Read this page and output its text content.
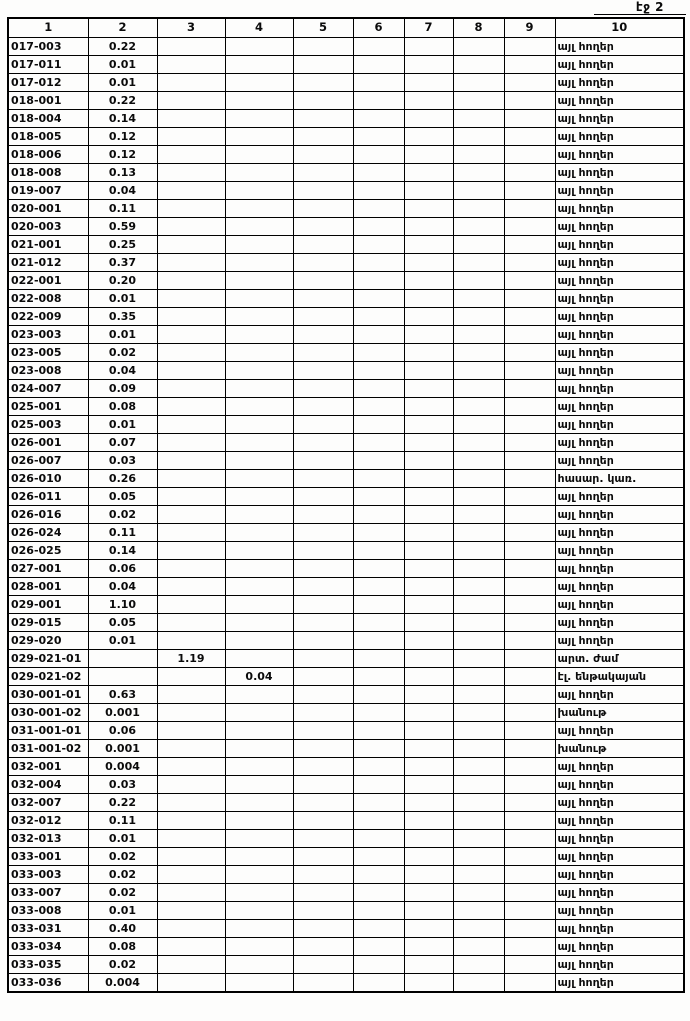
էջ 2
1	2	3	4	5	6	7	8	9	10
017-003	0.22								այլ հողեր
017-011	0.01								այլ հողեր
017-012	0.01								այլ հողեր
018-001	0.22								այլ հողեր
018-004	0.14								այլ հողեր
018-005	0.12								այլ հողեր
018-006	0.12								այլ հողեր
018-008	0.13								այլ հողեր
019-007	0.04								այլ հողեր
020-001	0.11								այլ հողեր
020-003	0.59								այլ հողեր
021-001	0.25								այլ հողեր
021-012	0.37								այլ հողեր
022-001	0.20								այլ հողեր
022-008	0.01								այլ հողեր
022-009	0.35								այլ հողեր
023-003	0.01								այլ հողեր
023-005	0.02								այլ հողեր
023-008	0.04								այլ հողեր
024-007	0.09								այլ հողեր
025-001	0.08								այլ հողեր
025-003	0.01								այլ հողեր
026-001	0.07								այլ հողեր
026-007	0.03								այլ հողեր
026-010	0.26								հասար. կառ.
026-011	0.05								այլ հողեր
026-016	0.02								այլ հողեր
026-024	0.11								այլ հողեր
026-025	0.14								այլ հողեր
027-001	0.06								այլ հողեր
028-001	0.04								այլ հողեր
029-001	1.10								այլ հողեր
029-015	0.05								այլ հողեր
029-020	0.01								այլ հողեր
029-021-01		1.19							արտ. ժամ
029-021-02			0.04						էլ. ենթակայան
030-001-01	0.63								այլ հողեր
030-001-02	0.001								խանութ
031-001-01	0.06								այլ հողեր
031-001-02	0.001								խանութ
032-001	0.004								այլ հողեր
032-004	0.03								այլ հողեր
032-007	0.22								այլ հողեր
032-012	0.11								այլ հողեր
032-013	0.01								այլ հողեր
033-001	0.02								այլ հողեր
033-003	0.02								այլ հողեր
033-007	0.02								այլ հողեր
033-008	0.01								այլ հողեր
033-031	0.40								այլ հողեր
033-034	0.08								այլ հողեր
033-035	0.02								այլ հողեր
033-036	0.004								այլ հողեր
